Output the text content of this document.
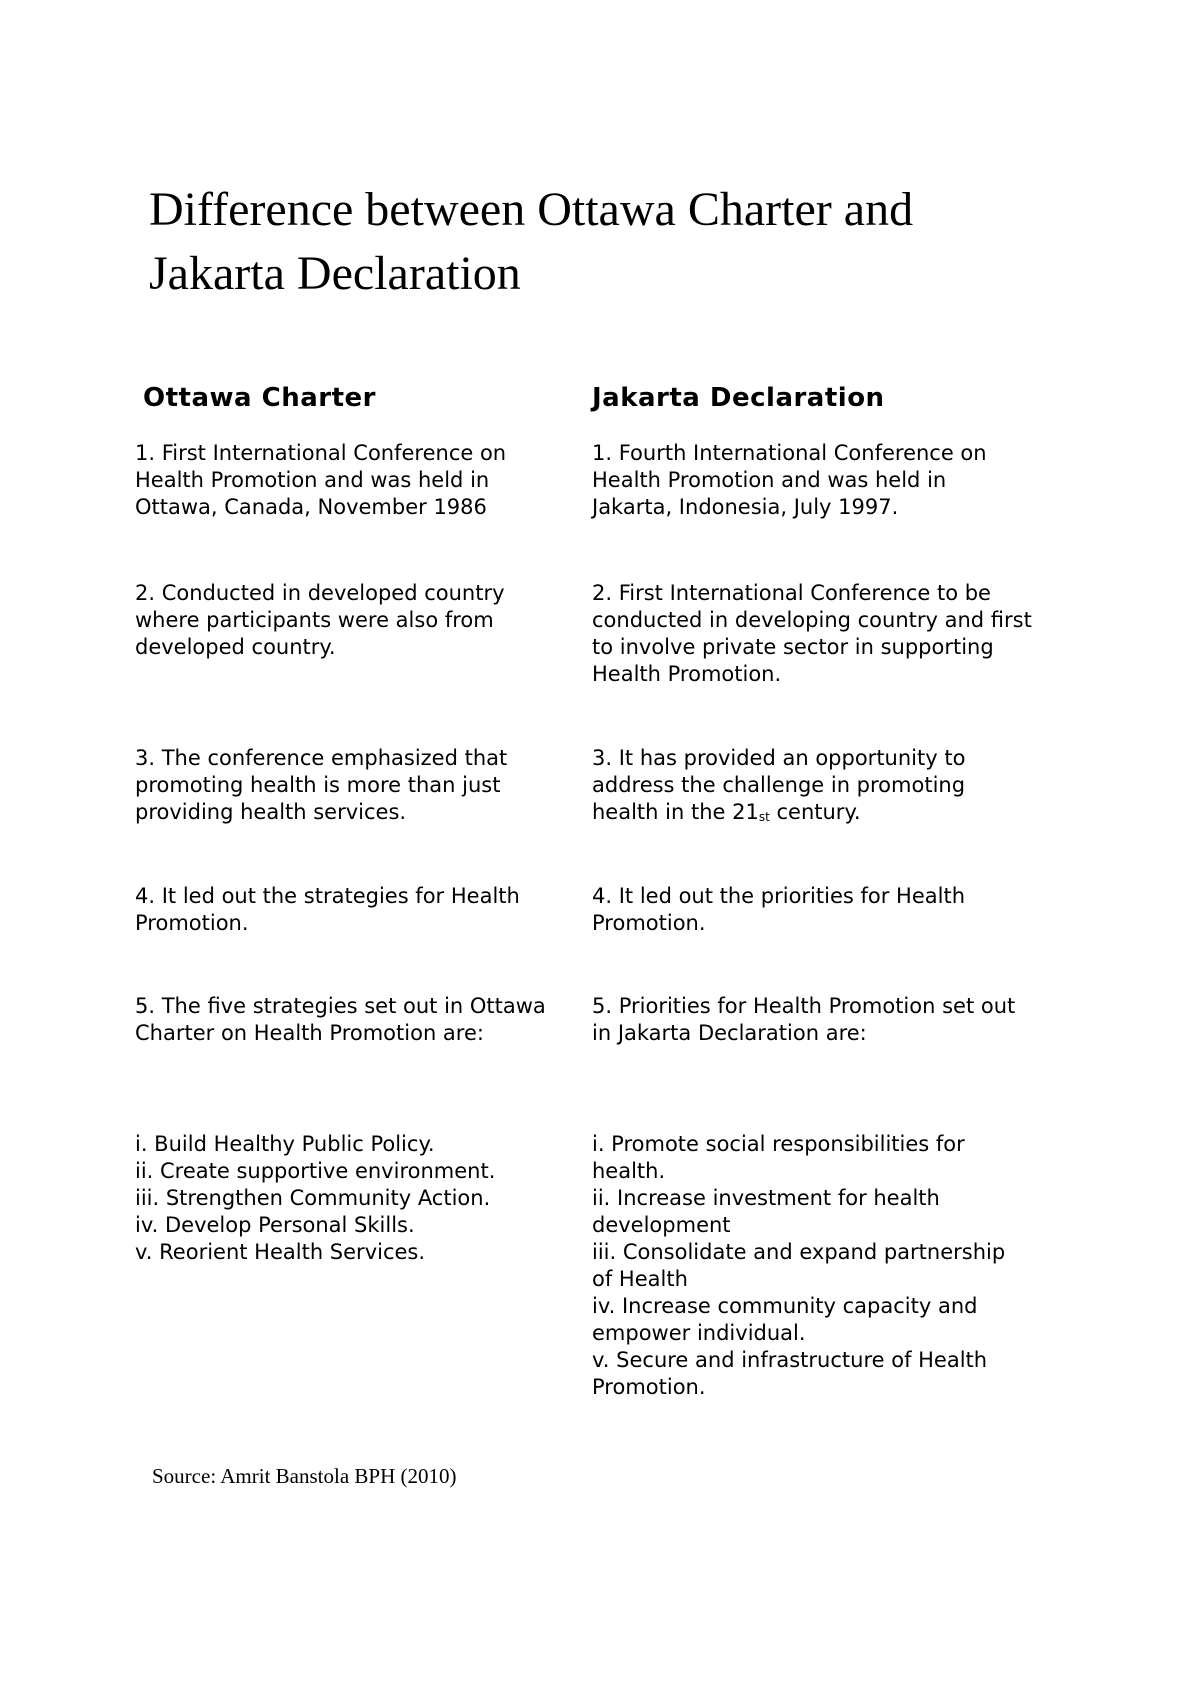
Difference between Ottawa Charter and Jakarta Declaration
Ottawa Charter
1. First International Conference on Health Promotion and was held in Ottawa, Canada, November 1986
2. Conducted in developed country where participants were also from developed country.
3. The conference emphasized that promoting health is more than just providing health services.
4. It led out the strategies for Health Promotion.
5. The five strategies set out in Ottawa Charter on Health Promotion are:
i. Build Healthy Public Policy.
ii. Create supportive environment.
iii. Strengthen Community Action.
iv. Develop Personal Skills.
v. Reorient Health Services.
Jakarta Declaration
1. Fourth International Conference on Health Promotion and was held in Jakarta, Indonesia, July 1997.
2. First International Conference to be conducted in developing country and first to involve private sector in supporting Health Promotion.
3. It has provided an opportunity to address the challenge in promoting health in the 21st century.
4. It led out the priorities for Health Promotion.
5. Priorities for Health Promotion set out in Jakarta Declaration are:
i. Promote social responsibilities for health.
ii. Increase investment for health development
iii. Consolidate and expand partnership of Health
iv. Increase community capacity and empower individual.
v. Secure and infrastructure of Health Promotion.
Source: Amrit Banstola BPH (2010)
